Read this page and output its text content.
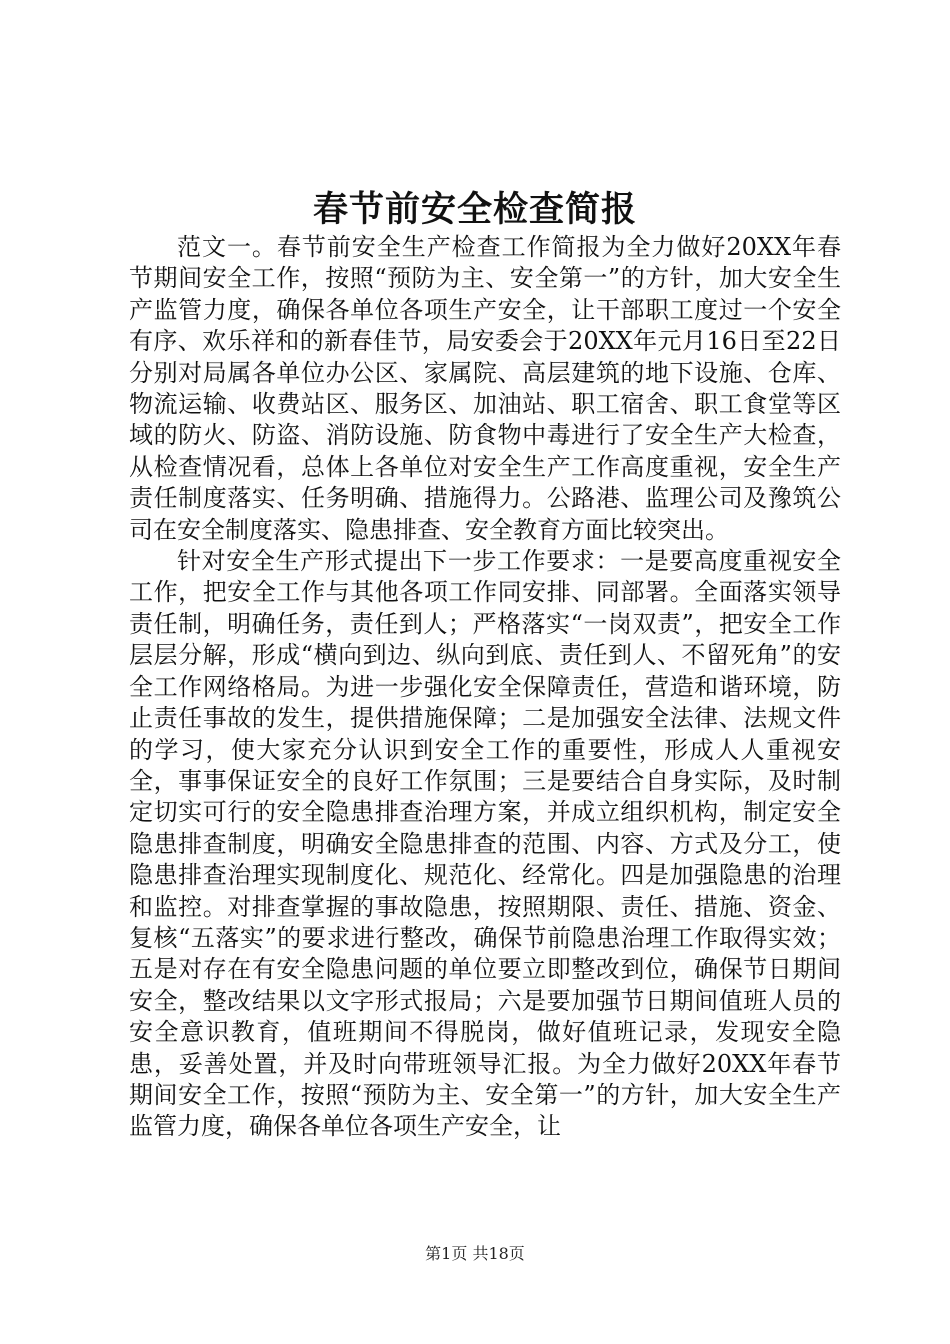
春节前安全检查简报

范文一。春节前安全生产检查工作简报为全力做好20XX年春节期间安全工作，按照“预防为主、安全第一”的方针，加大安全生产监管力度，确保各单位各项生产安全，让干部职工度过一个安全有序、欢乐祥和的新春佳节，局安委会于20XX年元月16日至22日分别对局属各单位办公区、家属院、高层建筑的地下设施、仓库、物流运输、收费站区、服务区、加油站、职工宿舍、职工食堂等区域的防火、防盗、消防设施、防食物中毒进行了安全生产大检查，从检查情况看，总体上各单位对安全生产工作高度重视，安全生产责任制度落实、任务明确、措施得力。公路港、监理公司及豫筑公司在安全制度落实、隐患排查、安全教育方面比较突出。

针对安全生产形式提出下一步工作要求：一是要高度重视安全工作，把安全工作与其他各项工作同安排、同部署。全面落实领导责任制，明确任务，责任到人；严格落实“一岗双责”，把安全工作层层分解，形成“横向到边、纵向到底、责任到人、不留死角”的安全工作网络格局。为进一步强化安全保障责任，营造和谐环境，防止责任事故的发生，提供措施保障；二是加强安全法律、法规文件的学习，使大家充分认识到安全工作的重要性，形成人人重视安全，事事保证安全的良好工作氛围；三是要结合自身实际，及时制定切实可行的安全隐患排查治理方案，并成立组织机构，制定安全隐患排查制度，明确安全隐患排查的范围、内容、方式及分工，使隐患排查治理实现制度化、规范化、经常化。四是加强隐患的治理和监控。对排查掌握的事故隐患，按照期限、责任、措施、资金、复核“五落实”的要求进行整改，确保节前隐患治理工作取得实效；五是对存在有安全隐患问题的单位要立即整改到位，确保节日期间安全，整改结果以文字形式报局；六是要加强节日期间值班人员的安全意识教育，值班期间不得脱岗，做好值班记录，发现安全隐患，妥善处置，并及时向带班领导汇报。为全力做好20XX年春节期间安全工作，按照“预防为主、安全第一”的方针，加大安全生产监管力度，确保各单位各项生产安全，让

第1页 共18页
